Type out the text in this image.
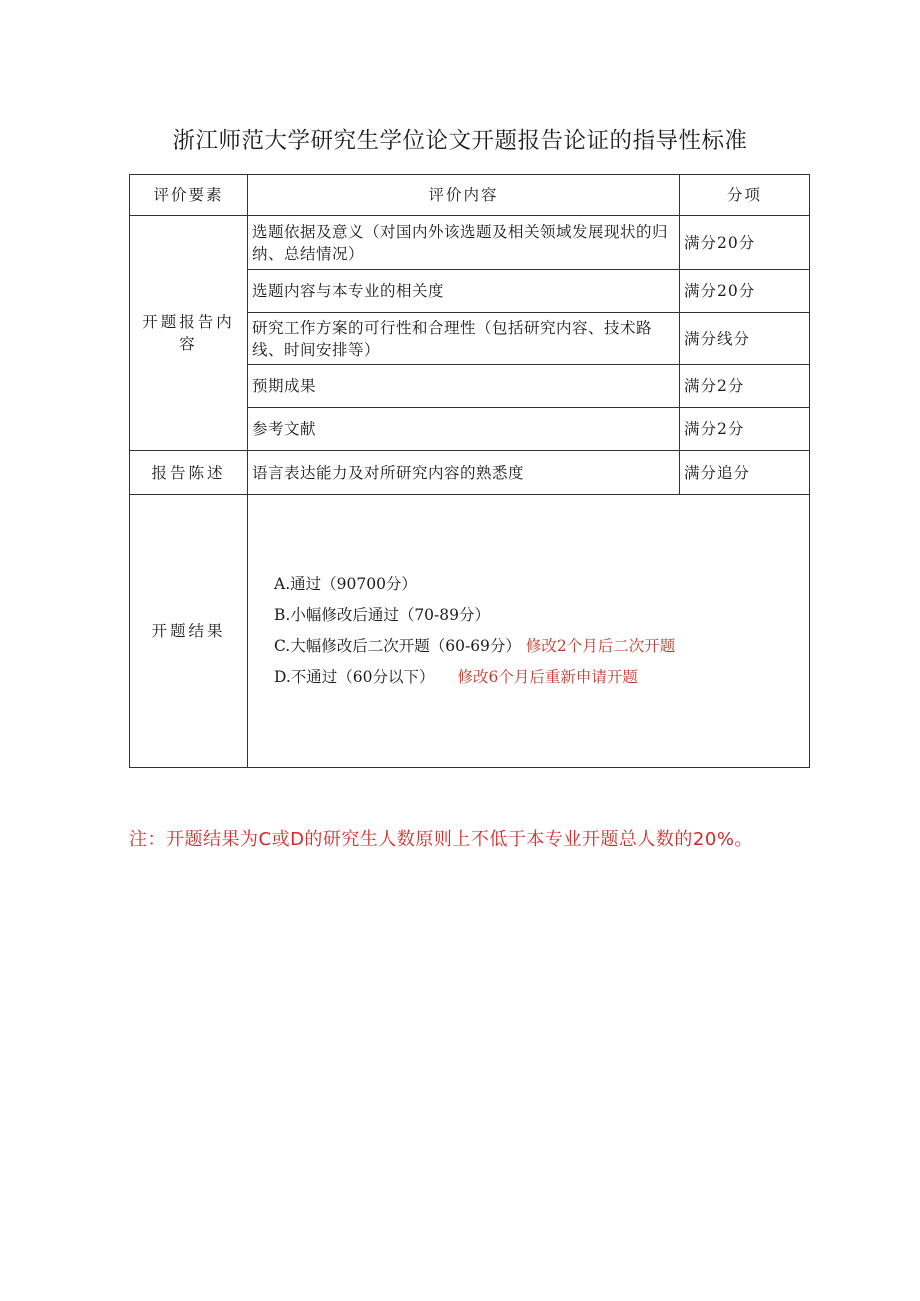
浙江师范大学研究生学位论文开题报告论证的指导性标准
评价要素	评价内容	分项
开题报告内容	选题依据及意义（对国内外该选题及相关领域发展现状的归纳、总结情况）	满分20分
	选题内容与本专业的相关度	满分20分
	研究工作方案的可行性和合理性（包括研究内容、技术路线、时间安排等）	满分线分
	预期成果	满分2分
	参考文献	满分2分
报告陈述	语言表达能力及对所研究内容的熟悉度	满分追分
开题结果	A.通过（90700分）
B.小幅修改后通过（70-89分）
C.大幅修改后二次开题（60-69分） 修改2个月后二次开题
D.不通过（60分以下） 修改6个月后重新申请开题	
注：开题结果为C或D的研究生人数原则上不低于本专业开题总人数的20%。
